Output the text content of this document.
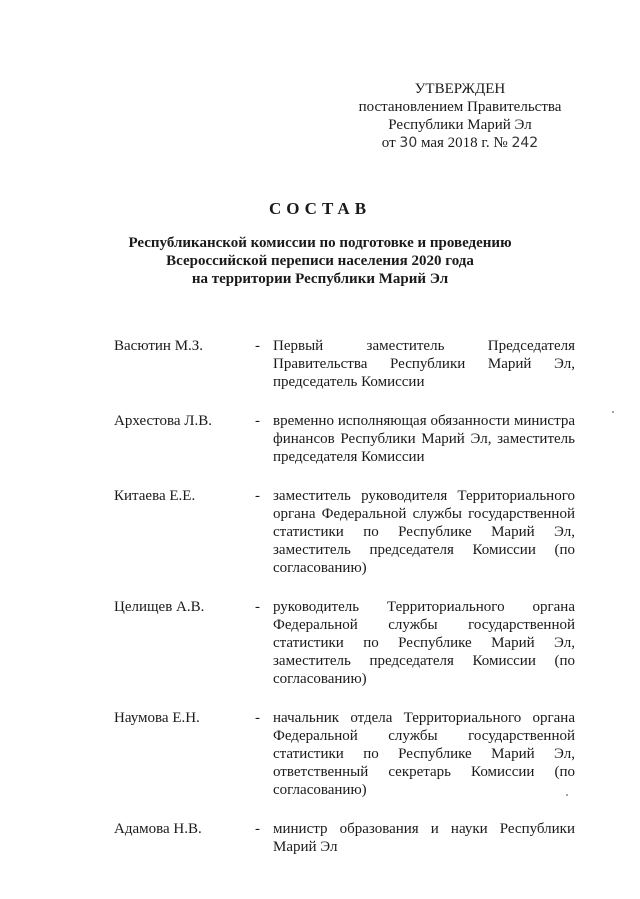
УТВЕРЖДЕН
постановлением Правительства
Республики Марий Эл
от 30 мая 2018 г. № 242
СОСТАВ
Республиканской комиссии по подготовке и проведению
Всероссийской переписи населения 2020 года
на территории Республики Марий Эл
Васютин М.З.	- Первый заместитель Председателя Правительства Республики Марий Эл, председатель Комиссии
Архестова Л.В.	- временно исполняющая обязанности министра финансов Республики Марий Эл, заместитель председателя Комиссии
Китаева Е.Е.	- заместитель руководителя Территориального органа Федеральной службы государственной статистики по Республике Марий Эл, заместитель председателя Комиссии (по согласованию)
Целищев А.В.	- руководитель Территориального органа Федеральной службы государственной статистики по Республике Марий Эл, заместитель председателя Комиссии (по согласованию)
Наумова Е.Н.	- начальник отдела Территориального органа Федеральной службы государственной статистики по Республике Марий Эл, ответственный секретарь Комиссии (по согласованию)
Адамова Н.В.	- министр образования и науки Республики Марий Эл
